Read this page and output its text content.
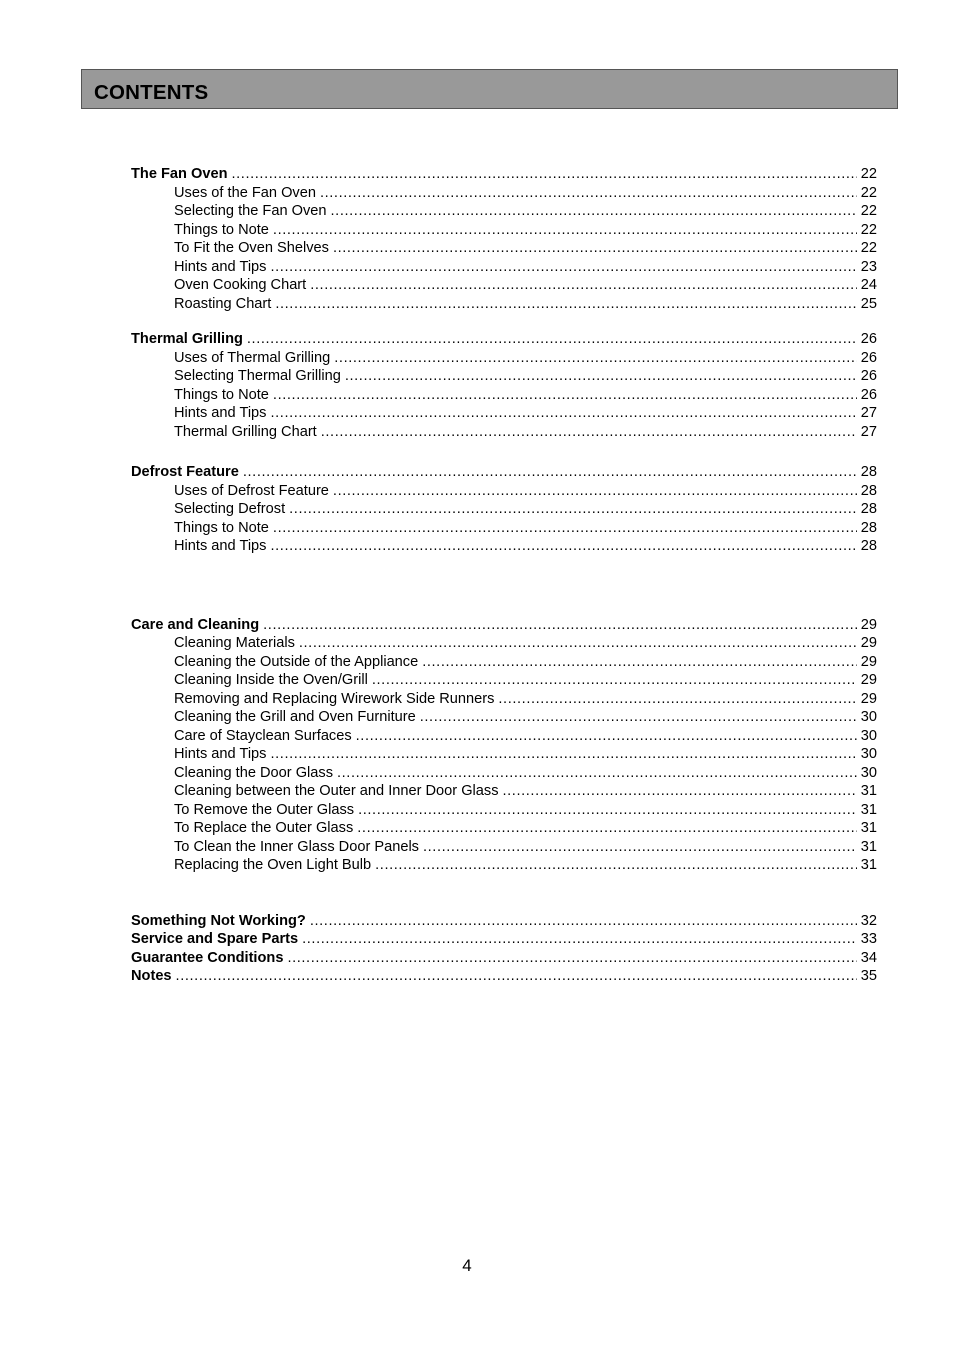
CONTENTS
The Fan Oven .....	22
Uses of the Fan Oven .....	22
Selecting the Fan Oven .....	22
Things to Note .....	22
To Fit the Oven Shelves .....	22
Hints and Tips .....	23
Oven Cooking Chart .....	24
Roasting Chart .....	25
Thermal Grilling .....	26
Uses of Thermal Grilling .....	26
Selecting Thermal Grilling .....	26
Things to Note .....	26
Hints and Tips .....	27
Thermal Grilling Chart .....	27
Defrost Feature .....	28
Uses of Defrost Feature .....	28
Selecting Defrost .....	28
Things to Note .....	28
Hints and Tips .....	28
Care and Cleaning .....	29
Cleaning Materials .....	29
Cleaning the Outside of the Appliance .....	29
Cleaning Inside the Oven/Grill .....	29
Removing and Replacing Wirework Side Runners .....	29
Cleaning the Grill and Oven Furniture .....	30
Care of Stayclean Surfaces .....	30
Hints and Tips .....	30
Cleaning the Door Glass .....	30
Cleaning between the Outer and Inner Door Glass .....	31
To Remove the Outer Glass .....	31
To Replace the Outer Glass .....	31
To Clean the Inner Glass Door Panels .....	31
Replacing the Oven Light Bulb .....	31
Something Not Working? .....	32
Service and Spare Parts .....	33
Guarantee Conditions .....	34
Notes .....	35
4
